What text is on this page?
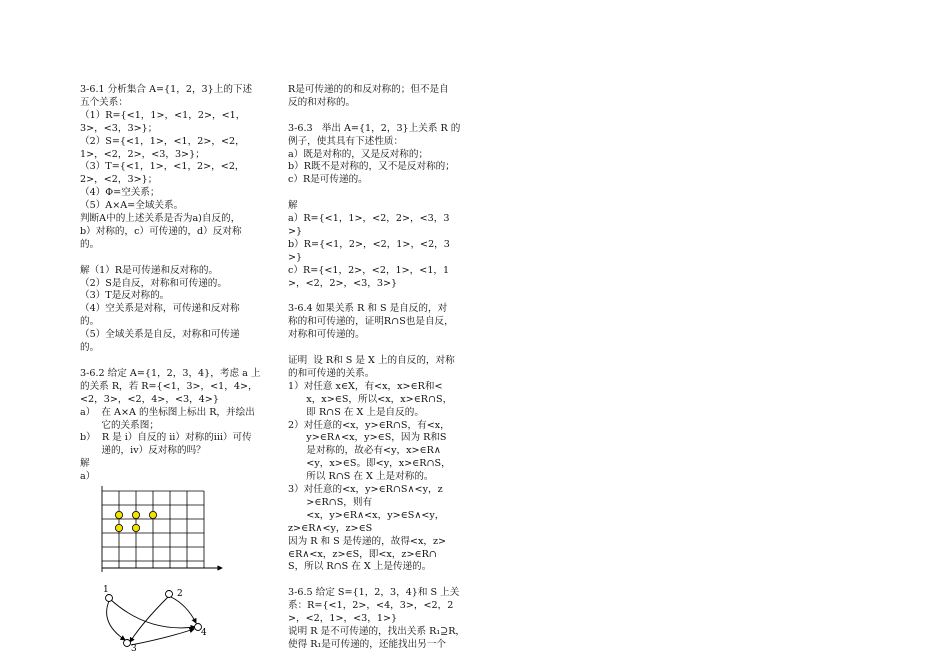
3-6.1 分析集合 A={1，2，3}上的下述

五个关系：

（1）R={<1，1>，<1，2>，<1，

3>，<3，3>}；

（2）S={<1，1>，<1，2>，<2，

1>，<2，2>，<3，3>}；

（3）T={<1，1>，<1，2>，<2，

2>，<2，3>}；

（4）Φ=空关系；

（5）A×A=全域关系。

判断A中的上述关系是否为a)自反的，

b）对称的，c）可传递的，d）反对称

的。

解（1）R是可传递和反对称的。

（2）S是自反，对称和可传递的。

（3）T是反对称的。

（4）空关系是对称，可传递和反对称

的。

（5）全域关系是自反，对称和可传递

的。

3-6.2 给定 A={1，2，3，4}，考虑 a 上

的关系 R，若 R={<1，3>，<1，4>，

<2，3>，<2，4>，<3，4>}

a）  在 A×A 的坐标图上标出 R，并绘出

它的关系图；

b）  R 是 i）自反的 ii）对称的iii）可传

递的，iv）反对称的吗？

解

a）

R是可传递的的和反对称的；但不是自

反的和对称的。

3-6.3   举出 A={1，2，3}上关系 R 的

例子，使其具有下述性质：

a）既是对称的，又是反对称的；

b）R既不是对称的，又不是反对称的；

c）R是可传递的。

解

a）R={<1，1>，<2，2>，<3，3

>}

b）R={<1，2>，<2，1>，<2，3

>}

c）R={<1，2>，<2，1>，<1，1

>，<2，2>，<3，3>}

3-6.4 如果关系 R 和 S 是自反的，对

称的和可传递的，证明R∩S也是自反，

对称和可传递的。

证明  设 R和 S 是 X 上的自反的，对称

的和可传递的关系。

1）对任意 x∈X，有<x，x>∈R和<

x，x>∈S，所以<x，x>∈R∩S，

即 R∩S 在 X 上是自反的。

2）对任意的<x，y>∈R∩S，有<x，

y>∈R∧<x，y>∈S，因为 R和S

是对称的，故必有<y，x>∈R∧

<y，x>∈S。即<y，x>∈R∩S，

所以 R∩S 在 X 上是对称的。

3）对任意的<x，y>∈R∩S∧<y，z

>∈R∩S，则有

<x，y>∈R∧<x，y>∈S∧<y，

z>∈R∧<y，z>∈S

因为 R 和 S 是传递的，故得<x，z>

∈R∧<x，z>∈S，即<x，z>∈R∩

S，所以 R∩S 在 X 上是传递的。

3-6.5 给定 S={1，2，3，4}和 S 上关

系：R={<1，2>，<4，3>，<2，2

>，<2，1>，<3，1>}

说明 R 是不可传递的，找出关系 R₁⊇R，

使得 R₁是可传递的，还能找出另一个

1	2
3
4
